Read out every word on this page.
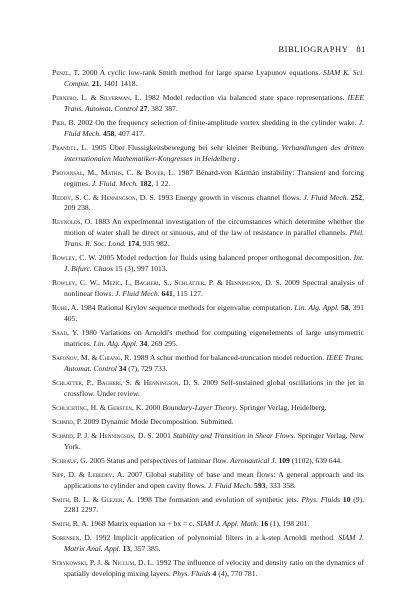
BIBLIOGRAPHY 81
Penzl, T. 2000 A cyclic low-rank Smith method for large sparse Lyapunov equations. SIAM K. Sci. Comput. 21, 1401 1418.
Pernebo, L. & Silverman, L. 1982 Model reduction via balanced state space representations. IEEE Trans. Automat. Control 27, 382 387.
Pier, B. 2002 On the frequency selection of finite-amplitude vortex shedding in the cylinder wake. J. Fluid Mech. 458, 407 417.
Prandtl, L. 1905 Über Flussigkeitsbewegung bei sehr kleiner Reibung. Verhandlungen des dritten internationalen Mathematiker-Kongresses in Heidelberg .
Provansal, M., Mathis, C. & Boyer, L. 1987 Bénard-von Kármán instability: Transient and forcing regimes. J. Fluid. Mech. 182, 1 22.
Reddy, S. C. & Henningson, D. S. 1993 Energy growth in viscous channel flows. J. Fluid Mech. 252, 209 238.
Reynolds, O. 1883 An experimental investigation of the circumstances which determine whether the motion of water shall be direct or sinuous, and of the law of resistance in parallel channels. Phil. Trans. R. Soc. Lond. 174, 935 982.
Rowley, C. W. 2005 Model reduction for fluids using balanced proper orthogonal decomposition. Int. J. Bifurc. Chaos 15 (3), 997 1013.
Rowley, C. W., Mezic, I., Bagheri, S., Schlatter, P. & Henningson, D. S. 2009 Spectral analysis of nonlinear flows. J. Fluid Mech. 641, 115 127.
Ruhe, A. 1984 Rational Krylov sequence methods for eigenvalue computation. Lin. Alg. Appl. 58, 391 405.
Saad, Y. 1980 Variations on Arnoldi's method for computing eigenelements of large unsymmetric matrices. Lin. Alg. Appl. 34, 269 295.
Safonov, M. & Chiang, R. 1989 A schur method for balanced-truncation model reduction. IEEE Trans. Automat. Control 34 (7), 729 733.
Schlatter, P., Bagheri, S. & Henningson, D. S. 2009 Self-sustained global oscillations in the jet in crossflow. Under review.
Schlichting, H. & Gersten, K. 2000 Boundary-Layer Theory. Springer Verlag, Heidelberg.
Schmid, P. 2009 Dynamic Mode Decomposition. Submitted.
Schmid, P. J. & Henningson, D. S. 2001 Stability and Transition in Shear Flows. Springer Verlag, New York.
Schrauf, G. 2005 Status and perspectives of laminar flow. Aeronautical J. 109 (1102), 639 644.
Sipp, D. & Lebedev, A. 2007 Global stability of base and mean flows: A general approach and its applications to cylinder and open cavity flows. J. Fluid Mech. 593, 333 358.
Smith, B. L. & Glezer, A. 1998 The formation and evolution of synthetic jets. Phys. Fluids 10 (9), 2281 2297.
Smith, R. A. 1968 Matrix equation xa + bx = c. SIAM J. Appl. Math. 16 (1), 198 201.
Sorensen, D. 1992 Implicit application of polynomial filters in a k-step Arnoldi method. SIAM J. Matrix Anal. Appl. 13, 357 385.
Strykowski, P. J. & Niccum, D. L. 1992 The influence of velocity and density ratio on the dynamics of spatially developing mixing layers. Phys. Fluids 4 (4), 770 781.
